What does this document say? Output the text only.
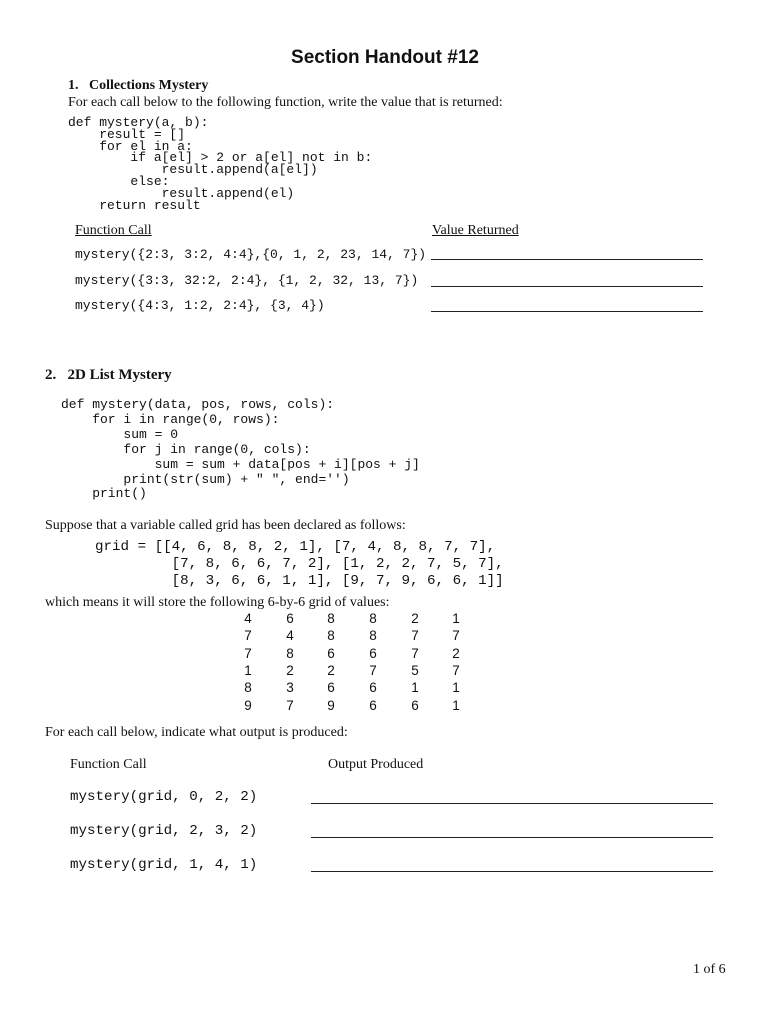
Section Handout #12
1.   Collections Mystery
For each call below to the following function, write the value that is returned:
def mystery(a, b):
result = []
for el in a:
if a[el] > 2 or a[el] not in b:
result.append(a[el])
else:
result.append(el)
return result
Function Call	Value Returned
mystery({2:3, 3:2, 4:4},{0, 1, 2, 23, 14, 7})
mystery({3:3, 32:2, 2:4}, {1, 2, 32, 13, 7})
mystery({4:3, 1:2, 2:4}, {3, 4})
2.   2D List Mystery
def mystery(data, pos, rows, cols):
for i in range(0, rows):
sum = 0
for j in range(0, cols):
sum = sum + data[pos + i][pos + j]
print(str(sum) + " ", end='')
print()
Suppose that a variable called grid has been declared as follows:
grid = [[4, 6, 8, 8, 2, 1], [7, 4, 8, 8, 7, 7],
[7, 8, 6, 6, 7, 2], [1, 2, 2, 7, 5, 7],
[8, 3, 6, 6, 1, 1], [9, 7, 9, 6, 6, 1]]
which means it will store the following 6-by-6 grid of values:
4	6	8	8	2	1
7	4	8	8	7	7
7	8	6	6	7	2
1	2	2	7	5	7
8	3	6	6	1	1
9	7	9	6	6	1
For each call below, indicate what output is produced:
Function Call	Output Produced
mystery(grid, 0, 2, 2)
mystery(grid, 2, 3, 2)
mystery(grid, 1, 4, 1)
1 of 6
